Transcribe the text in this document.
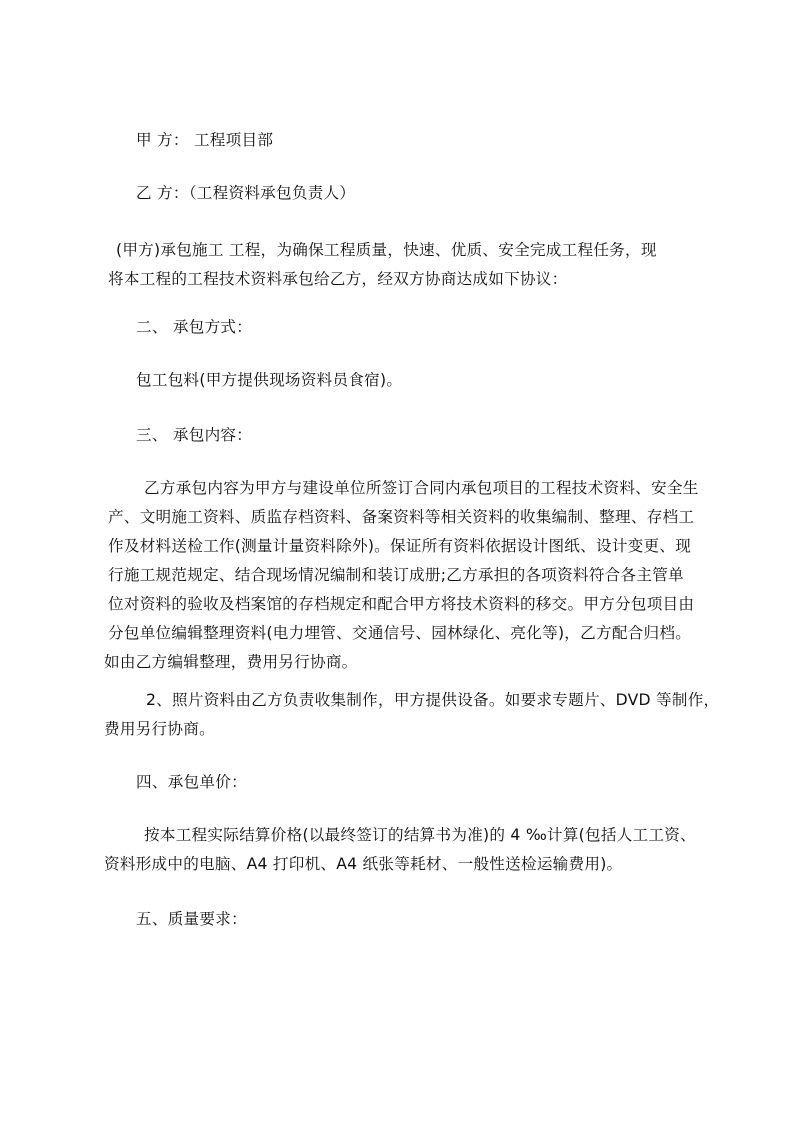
甲 方： 工程项目部
乙 方：（工程资料承包负责人）
(甲方)承包施工 工程，为确保工程质量，快速、优质、安全完成工程任务，现
将本工程的工程技术资料承包给乙方，经双方协商达成如下协议：
二、 承包方式：
包工包料(甲方提供现场资料员食宿)。
三、 承包内容：
乙方承包内容为甲方与建设单位所签订合同内承包项目的工程技术资料、安全生
产、文明施工资料、质监存档资料、备案资料等相关资料的收集编制、整理、存档工
作及材料送检工作(测量计量资料除外)。保证所有资料依据设计图纸、设计变更、现
行施工规范规定、结合现场情况编制和装订成册;乙方承担的各项资料符合各主管单
位对资料的验收及档案馆的存档规定和配合甲方将技术资料的移交。甲方分包项目由
分包单位编辑整理资料(电力埋管、交通信号、园林绿化、亮化等)，乙方配合归档。
如由乙方编辑整理，费用另行协商。
2、照片资料由乙方负责收集制作，甲方提供设备。如要求专题片、DVD 等制作，
费用另行协商。
四、承包单价：
按本工程实际结算价格(以最终签订的结算书为准)的 4 ‰计算(包括人工工资、
资料形成中的电脑、A4 打印机、A4 纸张等耗材、一般性送检运输费用)。
五、质量要求：
